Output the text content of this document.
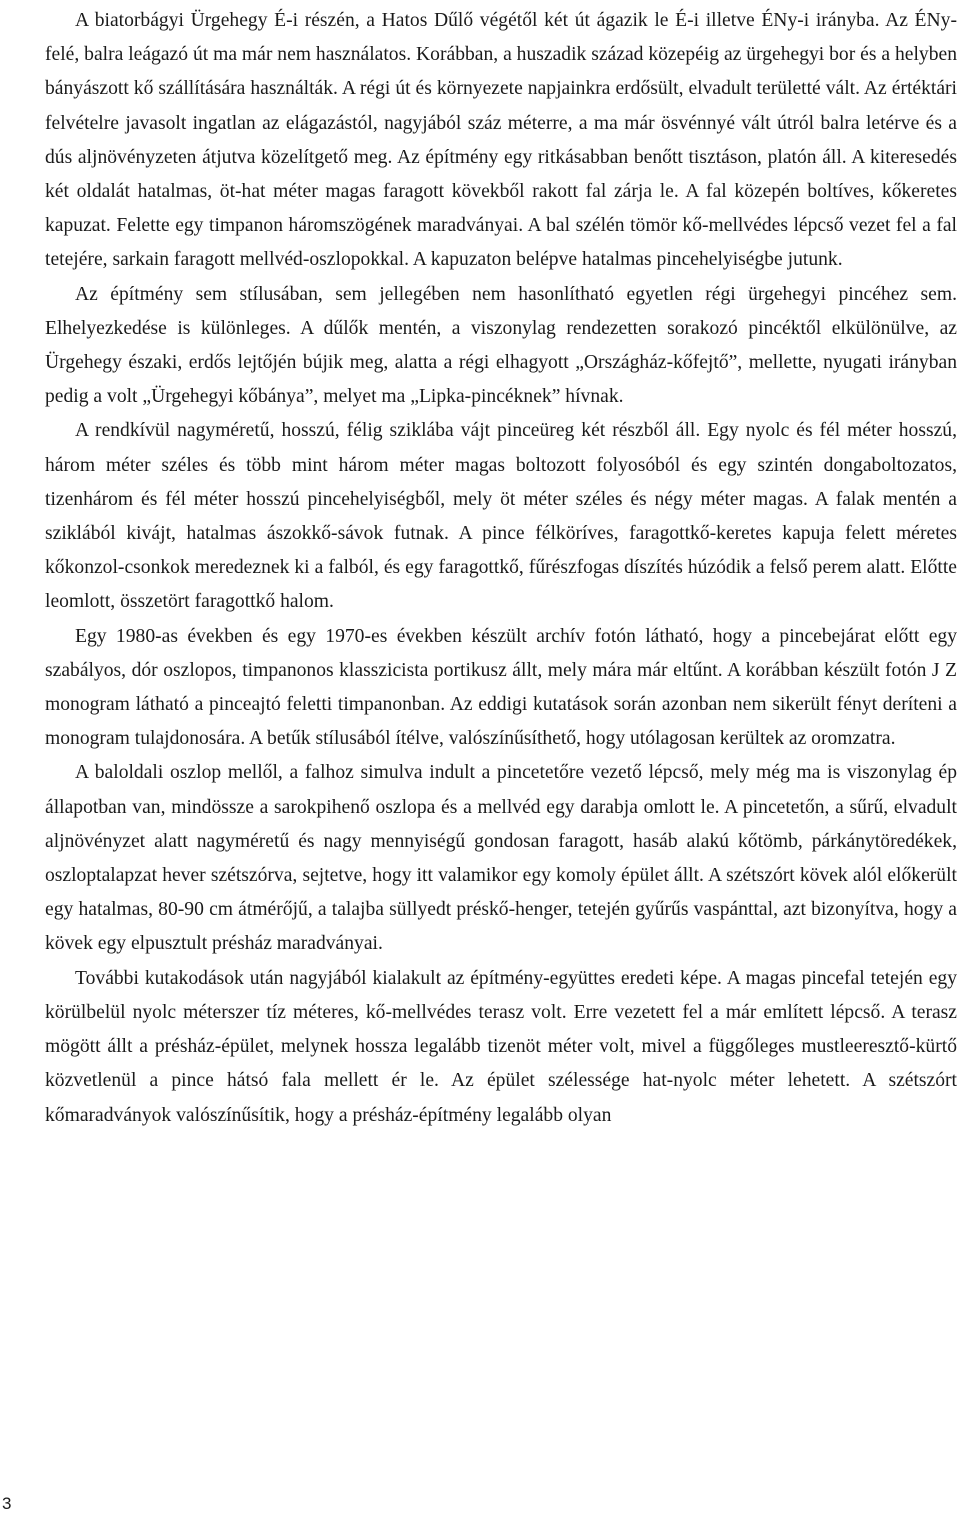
A biatorbágyi Ürgehegy É-i részén, a Hatos Dűlő végétől két út ágazik le É-i illetve ÉNy-i irányba. Az ÉNy-felé, balra leágazó út ma már nem használatos. Korábban, a huszadik század közepéig az ürgehegyi bor és a helyben bányászott kő szállítására használták. A régi út és környezete napjainkra erdősült, elvadult területté vált. Az értéktári felvételre javasolt ingatlan az elágazástól, nagyjából száz méterre, a ma már ösvénnyé vált útról balra letérve és a dús aljnövényzeten átjutva közelítgető meg. Az építmény egy ritkásabban benőtt tisztáson, platón áll. A kiteresedés két oldalát hatalmas, öt-hat méter magas faragott kövekből rakott fal zárja le. A fal közepén boltíves, kőkeretes kapuzat. Felette egy timpanon háromszögének maradványai. A bal szélén tömör kő-mellvédes lépcső vezet fel a fal tetejére, sarkain faragott mellvéd-oszlopokkal. A kapuzaton belépve hatalmas pincehelyiségbe jutunk.

Az építmény sem stílusában, sem jellegében nem hasonlítható egyetlen régi ürgehegyi pincéhez sem. Elhelyezkedése is különleges. A dűlők mentén, a viszonylag rendezetten sorakozó pincéktől elkülönülve, az Ürgehegy északi, erdős lejtőjén bújik meg, alatta a régi elhagyott „Országház-kőfejtő”, mellette, nyugati irányban pedig a volt „Ürgehegyi kőbánya”, melyet ma „Lipka-pincéknek” hívnak.

A rendkívül nagyméretű, hosszú, félig sziklába vájt pinceüreg két részből áll. Egy nyolc és fél méter hosszú, három méter széles és több mint három méter magas boltozott folyosóból és egy szintén dongaboltozatos, tizenhárom és fél méter hosszú pincehelyiségből, mely öt méter széles és négy méter magas. A falak mentén a sziklából kivájt, hatalmas ászokkő-sávok futnak. A pince félköríves, faragottkő-keretes kapuja felett méretes kőkonzol-csonkok meredeznek ki a falból, és egy faragottkő, fűrészfogas díszítés húzódik a felső perem alatt. Előtte leomlott, összetört faragottkő halom.

Egy 1980-as években és egy 1970-es években készült archív fotón látható, hogy a pincebejárat előtt egy szabályos, dór oszlopos, timpanonos klasszicista portikusz állt, mely mára már eltűnt. A korábban készült fotón J Z monogram látható a pinceajtó feletti timpanonban. Az eddigi kutatások során azonban nem sikerült fényt deríteni a monogram tulajdonosára. A betűk stílusából ítélve, valószínűsíthető, hogy utólagosan kerültek az oromzatra.

A baloldali oszlop mellől, a falhoz simulva indult a pincetetőre vezető lépcső, mely még ma is viszonylag ép állapotban van, mindössze a sarokpihenő oszlopa és a mellvéd egy darabja omlott le. A pincetetőn, a sűrű, elvadult aljnövényzet alatt nagyméretű és nagy mennyiségű gondosan faragott, hasáb alakú kőtömb, párkánytöredékek, oszloptalapzat hever szétszórva, sejtetve, hogy itt valamikor egy komoly épület állt. A szétszórt kövek alól előkerült egy hatalmas, 80-90 cm átmérőjű, a talajba süllyedt préskő-henger, tetején gyűrűs vaspánttal, azt bizonyítva, hogy a kövek egy elpusztult présház maradványai.

További kutakodások után nagyjából kialakult az építmény-együttes eredeti képe. A magas pincefal tetején egy körülbelül nyolc méterszer tíz méteres, kő-mellvédes terasz volt. Erre vezetett fel a már említett lépcső. A terasz mögött állt a présház-épület, melynek hossza legalább tizenöt méter volt, mivel a függőleges mustleeresztő-kürtő közvetlenül a pince hátsó fala mellett ér le. Az épület szélessége hat-nyolc méter lehetett. A szétszórt kőmaradványok valószínűsítik, hogy a présház-építmény legalább olyan

3
